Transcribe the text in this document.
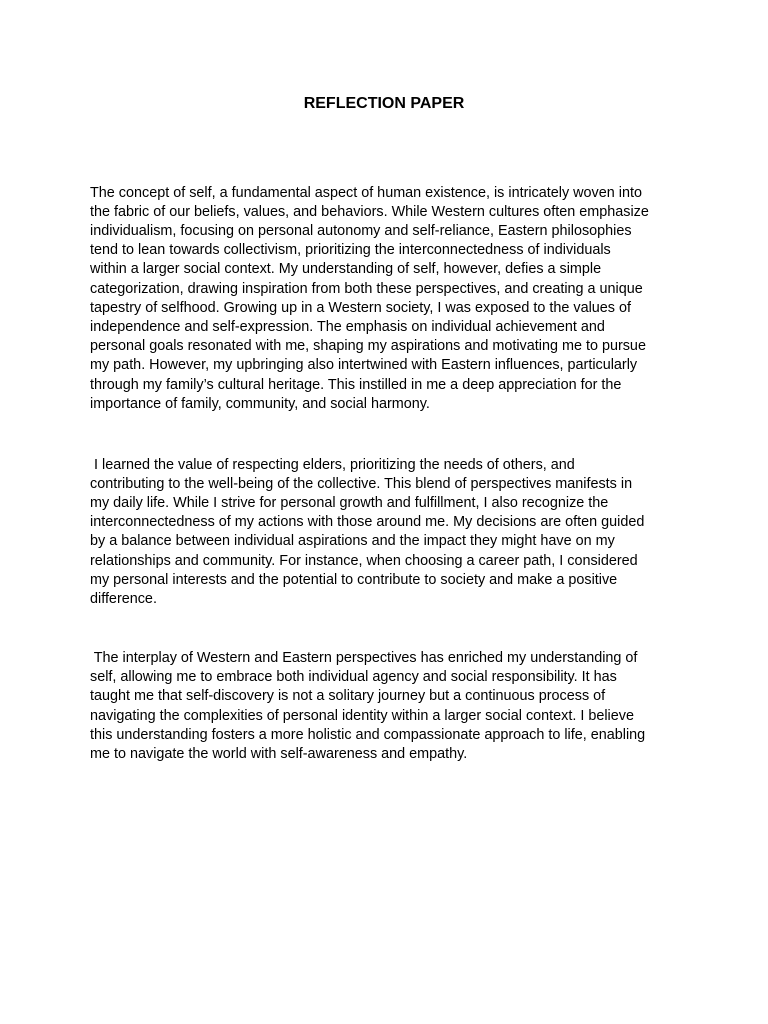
REFLECTION PAPER
The concept of self, a fundamental aspect of human existence, is intricately woven into
the fabric of our beliefs, values, and behaviors. While Western cultures often emphasize
individualism, focusing on personal autonomy and self-reliance, Eastern philosophies
tend to lean towards collectivism, prioritizing the interconnectedness of individuals
within a larger social context. My understanding of self, however, defies a simple
categorization, drawing inspiration from both these perspectives, and creating a unique
tapestry of selfhood. Growing up in a Western society, I was exposed to the values of
independence and self-expression. The emphasis on individual achievement and
personal goals resonated with me, shaping my aspirations and motivating me to pursue
my path. However, my upbringing also intertwined with Eastern influences, particularly
through my family’s cultural heritage. This instilled in me a deep appreciation for the
importance of family, community, and social harmony.
I learned the value of respecting elders, prioritizing the needs of others, and
contributing to the well-being of the collective. This blend of perspectives manifests in
my daily life. While I strive for personal growth and fulfillment, I also recognize the
interconnectedness of my actions with those around me. My decisions are often guided
by a balance between individual aspirations and the impact they might have on my
relationships and community. For instance, when choosing a career path, I considered
my personal interests and the potential to contribute to society and make a positive
difference.
The interplay of Western and Eastern perspectives has enriched my understanding of
self, allowing me to embrace both individual agency and social responsibility. It has
taught me that self-discovery is not a solitary journey but a continuous process of
navigating the complexities of personal identity within a larger social context. I believe
this understanding fosters a more holistic and compassionate approach to life, enabling
me to navigate the world with self-awareness and empathy.
